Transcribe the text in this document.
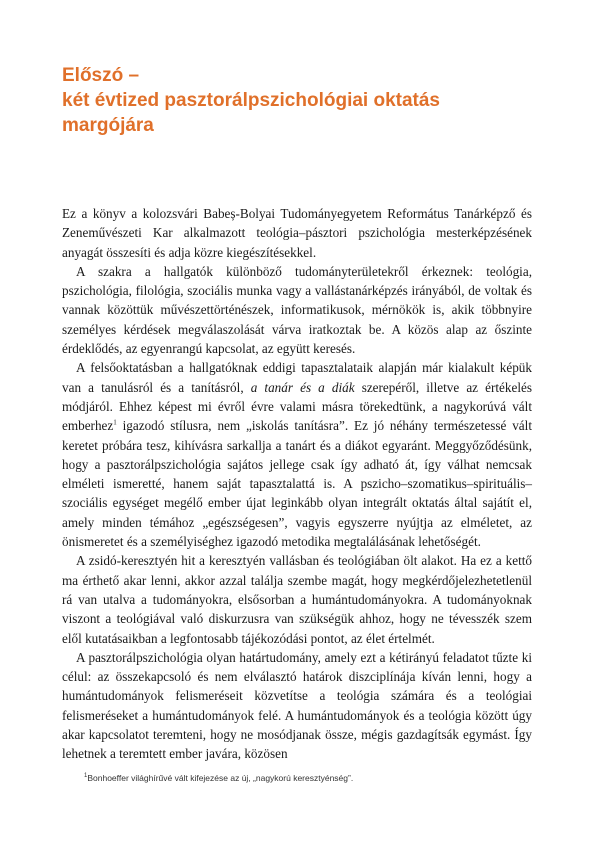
Előszó –
két évtized pasztorálpszichológiai oktatás
margójára

Ez a könyv a kolozsvári Babeș-Bolyai Tudományegyetem Református Tanárképző és Zeneművészeti Kar alkalmazott teológia–pásztori pszichológia mesterképzésének anyagát összesíti és adja közre kiegészítésekkel.

A szakra a hallgatók különböző tudományterületekről érkeznek: teológia, pszichológia, filológia, szociális munka vagy a vallástanárképzés irányából, de voltak és vannak közöttük művészettörténészek, informatikusok, mérnökök is, akik többnyire személyes kérdések megválaszolását várva iratkoztak be. A közös alap az őszinte érdeklődés, az egyenrangú kapcsolat, az együtt keresés.

A felsőoktatásban a hallgatóknak eddigi tapasztalataik alapján már kialakult képük van a tanulásról és a tanításról, a tanár és a diák szerepéről, illetve az értékelés módjáról. Ehhez képest mi évről évre valami másra törekedtünk, a nagykorúvá vált emberhez$^1$ igazodó stílusra, nem „iskolás tanításra”. Ez jó néhány természetessé vált keretet próbára tesz, kihívásra sarkallja a tanárt és a diákot egyaránt. Meggyőződésünk, hogy a pasztorálpszichológia sajátos jellege csak így adható át, így válhat nemcsak elméleti ismeretté, hanem saját tapasztalattá is. A pszicho–szomatikus–spirituális–szociális egységet megélő ember újat leginkább olyan integrált oktatás által sajátít el, amely minden témához „egészségesen”, vagyis egyszerre nyújtja az elméletet, az önismeretet és a személyiséghez igazodó metodika megtalálásának lehetőségét.

A zsidó-keresztyén hit a keresztyén vallásban és teológiában ölt alakot. Ha ez a kettő ma érthető akar lenni, akkor azzal találja szembe magát, hogy megkérdőjelezhetetlenül rá van utalva a tudományokra, elsősorban a humántudományokra. A tudományoknak viszont a teológiával való diskurzusra van szükségük ahhoz, hogy ne tévesszék szem elől kutatásaikban a legfontosabb tájékozódási pontot, az élet értelmét.

A pasztorálpszichológia olyan határtudomány, amely ezt a kétirányú feladatot tűzte ki célul: az összekapcsoló és nem elválasztó határok diszciplínája kíván lenni, hogy a humántudományok felismeréseit közvetítse a teológia számára és a teológiai felismeréseket a humántudományok felé. A humántudományok és a teológia között úgy akar kapcsolatot teremteni, hogy ne mosódjanak össze, mégis gazdagítsák egymást. Így lehetnek a teremtett ember javára, közösen

$^1$Bonhoeffer világhírűvé vált kifejezése az új, „nagykorú keresztyénség”.
